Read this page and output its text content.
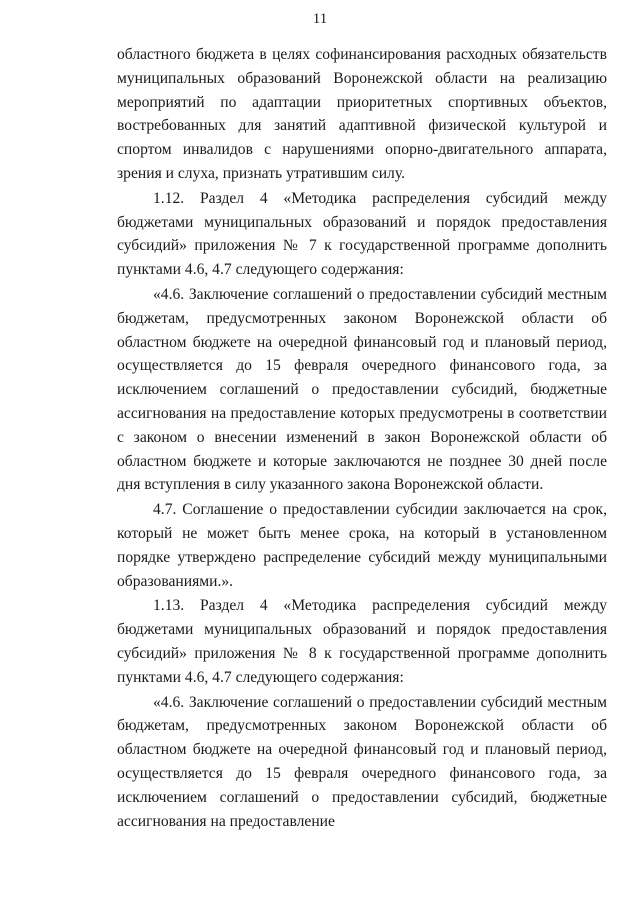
11

областного бюджета в целях софинансирования расходных обязательств муниципальных образований Воронежской области на реализацию мероприятий по адаптации приоритетных спортивных объектов, востребованных для занятий адаптивной физической культурой и спортом инвалидов с нарушениями опорно-двигательного аппарата, зрения и слуха, признать утратившим силу.

1.12. Раздел 4 «Методика распределения субсидий между бюджетами муниципальных образований и порядок предоставления субсидий» приложения № 7 к государственной программе дополнить пунктами 4.6, 4.7 следующего содержания:

«4.6. Заключение соглашений о предоставлении субсидий местным бюджетам, предусмотренных законом Воронежской области об областном бюджете на очередной финансовый год и плановый период, осуществляется до 15 февраля очередного финансового года, за исключением соглашений о предоставлении субсидий, бюджетные ассигнования на предоставление которых предусмотрены в соответствии с законом о внесении изменений в закон Воронежской области об областном бюджете и которые заключаются не позднее 30 дней после дня вступления в силу указанного закона Воронежской области.

4.7. Соглашение о предоставлении субсидии заключается на срок, который не может быть менее срока, на который в установленном порядке утверждено распределение субсидий между муниципальными образованиями.».

1.13. Раздел 4 «Методика распределения субсидий между бюджетами муниципальных образований и порядок предоставления субсидий» приложения № 8 к государственной программе дополнить пунктами 4.6, 4.7 следующего содержания:

«4.6. Заключение соглашений о предоставлении субсидий местным бюджетам, предусмотренных законом Воронежской области об областном бюджете на очередной финансовый год и плановый период, осуществляется до 15 февраля очередного финансового года, за исключением соглашений о предоставлении субсидий, бюджетные ассигнования на предоставление
